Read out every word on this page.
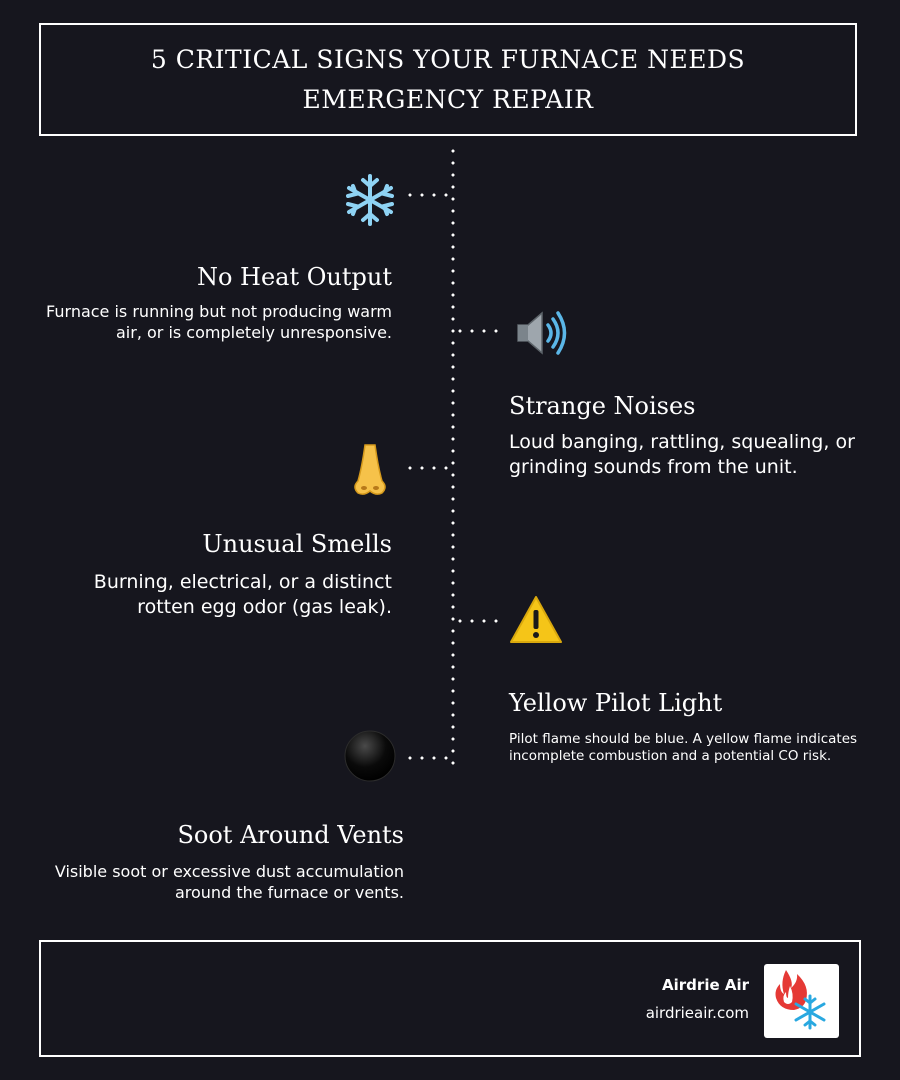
5 CRITICAL SIGNS YOUR FURNACE NEEDS EMERGENCY REPAIR
No Heat Output
Furnace is running but not producing warm air, or is completely unresponsive.
Strange Noises
Loud banging, rattling, squealing, or grinding sounds from the unit.
Unusual Smells
Burning, electrical, or a distinct rotten egg odor (gas leak).
Yellow Pilot Light
Pilot flame should be blue. A yellow flame indicates incomplete combustion and a potential CO risk.
Soot Around Vents
Visible soot or excessive dust accumulation around the furnace or vents.
Airdrie Air
airdrieair.com
